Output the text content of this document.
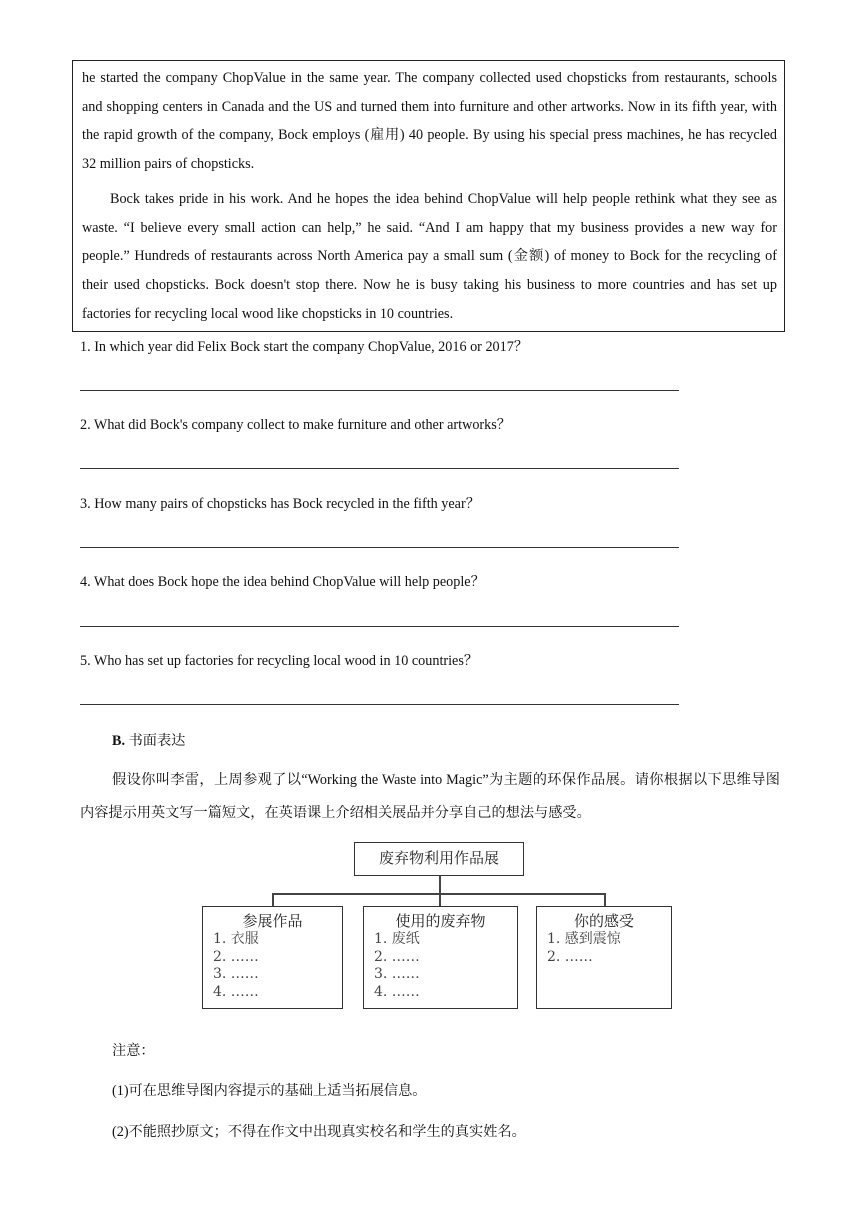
he started the company ChopValue in the same year. The company collected used chopsticks from restaurants, schools and shopping centers in Canada and the US and turned them into furniture and other artworks. Now in its fifth year, with the rapid growth of the company, Bock employs (雇用) 40 people. By using his special press machines, he has recycled 32 million pairs of chopsticks.

Bock takes pride in his work. And he hopes the idea behind ChopValue will help people rethink what they see as waste. “I believe every small action can help,” he said. “And I am happy that my business provides a new way for people.” Hundreds of restaurants across North America pay a small sum (金额) of money to Bock for the recycling of their used chopsticks. Bock doesn't stop there. Now he is busy taking his business to more countries and has set up factories for recycling local wood like chopsticks in 10 countries.

1. In which year did Felix Bock start the company ChopValue, 2016 or 2017？
2. What did Bock's company collect to make furniture and other artworks？
3. How many pairs of chopsticks has Bock recycled in the fifth year？
4. What does Bock hope the idea behind ChopValue will help people？
5. Who has set up factories for recycling local wood in 10 countries？
B. 书面表达
假设你叫李雷，上周参观了以“Working the Waste into Magic”为主题的环保作品展。请你根据以下思维导图内容提示用英文写一篇短文，在英语课上介绍相关展品并分享自己的想法与感受。
废弃物利用作品展
参展作品
1. 衣服
2. ……
3. ……
4. ……
使用的废弃物
1. 废纸
2. ……
3. ……
4. ……
你的感受
1. 感到震惊
2. ……
注意：
(1)可在思维导图内容提示的基础上适当拓展信息。
(2)不能照抄原文；不得在作文中出现真实校名和学生的真实姓名。
